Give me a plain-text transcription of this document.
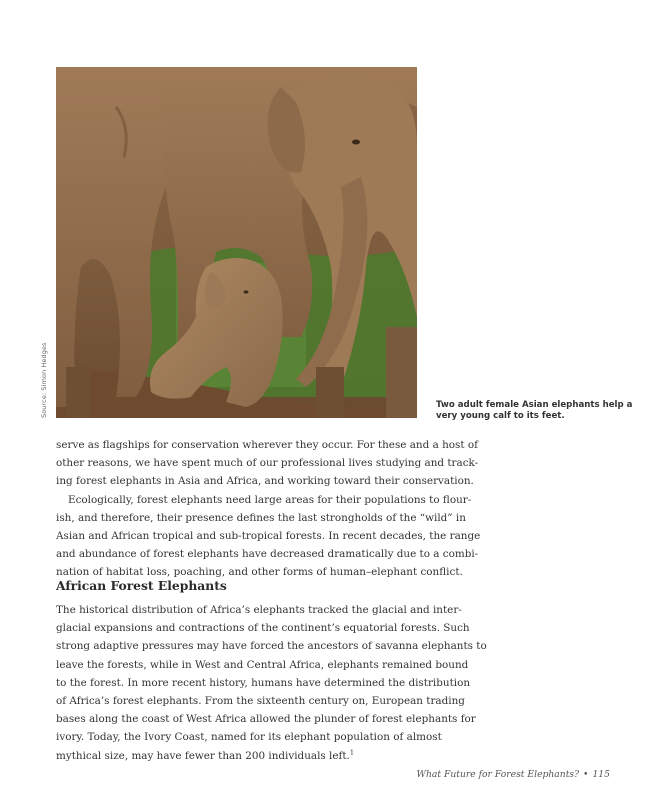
Source: Simon Hedges	Two adult female Asian elephants help a
very young calf to its feet.
serve as flagships for conservation wherever they occur. For these and a host of
other reasons, we have spent much of our professional lives studying and track-
ing forest elephants in Asia and Africa, and working toward their conservation.
Ecologically, forest elephants need large areas for their populations to flour-
ish, and therefore, their presence defines the last strongholds of the “wild” in
Asian and African tropical and sub-tropical forests. In recent decades, the range
and abundance of forest elephants have decreased dramatically due to a combi-
nation of habitat loss, poaching, and other forms of human–elephant conflict.
African Forest Elephants
The historical distribution of Africa’s elephants tracked the glacial and inter-
glacial expansions and contractions of the continent’s equatorial forests. Such
strong adaptive pressures may have forced the ancestors of savanna elephants to
leave the forests, while in West and Central Africa, elephants remained bound
to the forest. In more recent history, humans have determined the distribution
of Africa’s forest elephants. From the sixteenth century on, European trading
bases along the coast of West Africa allowed the plunder of forest elephants for
ivory. Today, the Ivory Coast, named for its elephant population of almost
mythical size, may have fewer than 200 individuals left.$^1$
What Future for Forest Elephants? • 115
